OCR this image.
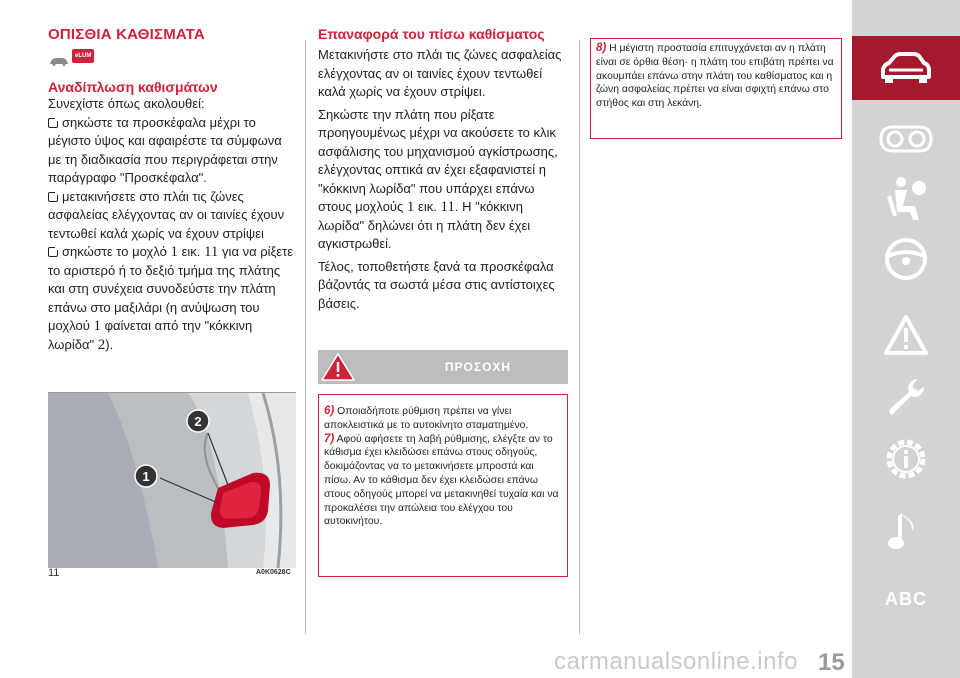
ΟΠΙΣΘΙΑ ΚΑΘΙΣΜΑΤΑ
eLUM
Αναδίπλωση καθισμάτων

Συνεχίστε όπως ακολουθεί:

σηκώστε τα προσκέφαλα μέχρι το μέγιστο ύψος και αφαιρέστε τα σύμφωνα με τη διαδικασία που περιγράφεται στην παράγραφο "Προσκέφαλα".

μετακινήσετε στο πλάι τις ζώνες ασφαλείας ελέγχοντας αν οι ταινίες έχουν τεντωθεί καλά χωρίς να έχουν στρίψει

σηκώστε το μοχλό 1 εικ. 11 για να ρίξετε το αριστερό ή το δεξιό τμήμα της πλάτης και στη συνέχεια συνοδεύστε την πλάτη επάνω στο μαξιλάρι (η ανύψωση του μοχλού 1 φαίνεται από την "κόκκινη λωρίδα" 2).

1
2
11	A0K0628C
Επαναφορά του πίσω καθίσματος

Μετακινήστε στο πλάι τις ζώνες ασφαλείας ελέγχοντας αν οι ταινίες έχουν τεντωθεί καλά χωρίς να έχουν στρίψει.

Σηκώστε την πλάτη που ρίξατε προηγουμένως μέχρι να ακούσετε το κλικ ασφάλισης του μηχανισμού αγκίστρωσης, ελέγχοντας οπτικά αν έχει εξαφανιστεί η "κόκκινη λωρίδα" που υπάρχει επάνω στους μοχλούς 1 εικ. 11. Η "κόκκινη λωρίδα" δηλώνει ότι η πλάτη δεν έχει αγκιστρωθεί.

Τέλος, τοποθετήστε ξανά τα προσκέφαλα βάζοντάς τα σωστά μέσα στις αντίστοιχες βάσεις.

ΠΡΟΣΟΧΗ

6) Οποιαδήποτε ρύθμιση πρέπει να γίνει αποκλειστικά με το αυτοκίνητο σταματημένο.

7) Αφού αφήσετε τη λαβή ρύθμισης, ελέγξτε αν το κάθισμα έχει κλειδώσει επάνω στους οδηγούς, δοκιμάζοντας να το μετακινήσετε μπροστά και πίσω. Αν το κάθισμα δεν έχει κλειδώσει επάνω στους οδηγούς μπορεί να μετακινηθεί τυχαία και να προκαλέσει την απώλεια του ελέγχου του αυτοκινήτου.

8) Η μέγιστη προστασία επιτυγχάνεται αν η πλάτη είναι σε όρθια θέση· η πλάτη του επιβάτη πρέπει να ακουμπάει επάνω στην πλάτη του καθίσματος και η ζώνη ασφαλείας πρέπει να είναι σφιχτή επάνω στο στήθος και στη λεκάνη.

ABC
carmanualsonline.info 15
